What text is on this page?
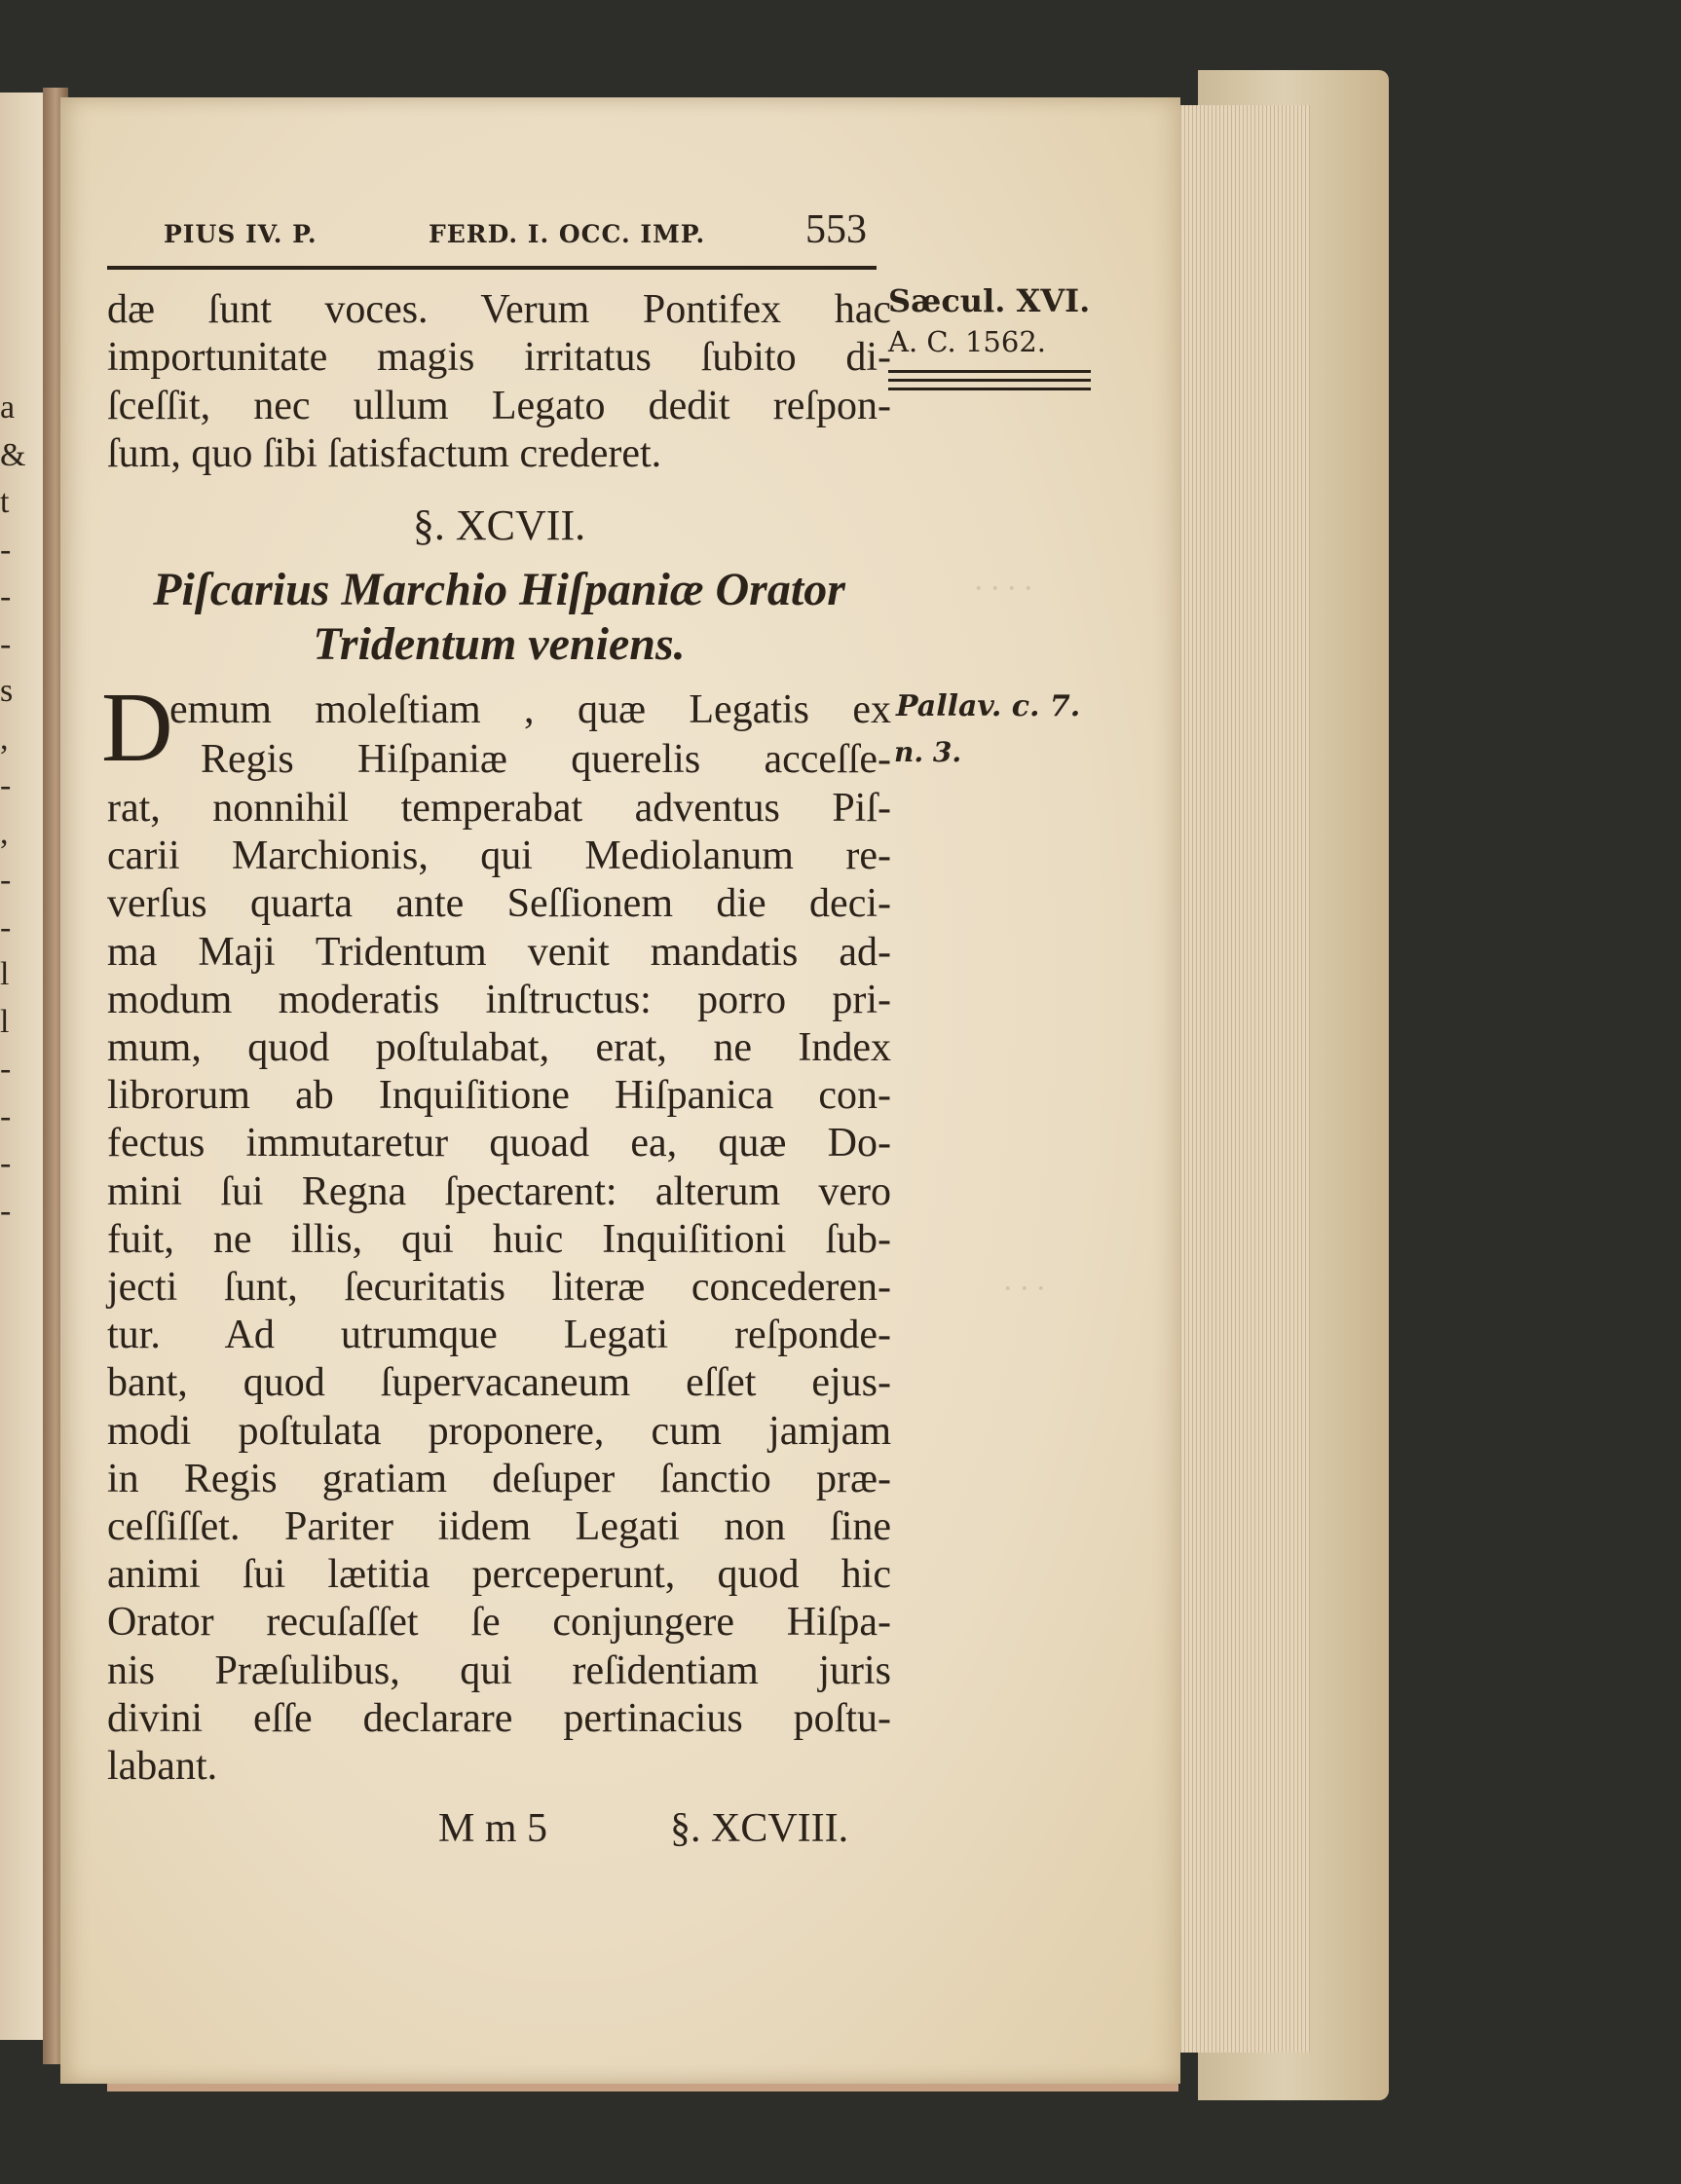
a
&
t
-
-
-
s
,
-
,
-
-
l
l
-
-
-
-
· · · ·
· · ·
PIUS IV. P.	FERD. I. OCC. IMP. 553
Sæcul. XVI.
A. C. 1562.
Pallav. c. 7.
n. 3.
dæ ſunt voces. Verum Pontifex hac
importunitate magis irritatus ſubito di-
ſceſſit, nec ullum Legato dedit reſpon-
ſum, quo ſibi ſatisfactum crederet.
§. XCVII.
Piſcarius Marchio Hiſpaniæ Orator
Tridentum veniens.
D
emum moleſtiam , quæ Legatis ex
Regis Hiſpaniæ querelis acceſſe-
rat, nonnihil temperabat adventus Piſ-
carii Marchionis, qui Mediolanum re-
verſus quarta ante Seſſionem die deci-
ma Maji Tridentum venit mandatis ad-
modum moderatis inſtructus: porro pri-
mum, quod poſtulabat, erat, ne Index
librorum ab Inquiſitione Hiſpanica con-
fectus immutaretur quoad ea, quæ Do-
mini ſui Regna ſpectarent: alterum vero
fuit, ne illis, qui huic Inquiſitioni ſub-
jecti ſunt, ſecuritatis literæ concederen-
tur. Ad utrumque Legati reſponde-
bant, quod ſupervacaneum eſſet ejus-
modi poſtulata proponere, cum jamjam
in Regis gratiam deſuper ſanctio præ-
ceſſiſſet. Pariter iidem Legati non ſine
animi ſui lætitia perceperunt, quod hic
Orator recuſaſſet ſe conjungere Hiſpa-
nis Præſulibus, qui reſidentiam juris
divini eſſe declarare pertinacius poſtu-
labant.
M m 5	§. XCVIII.
